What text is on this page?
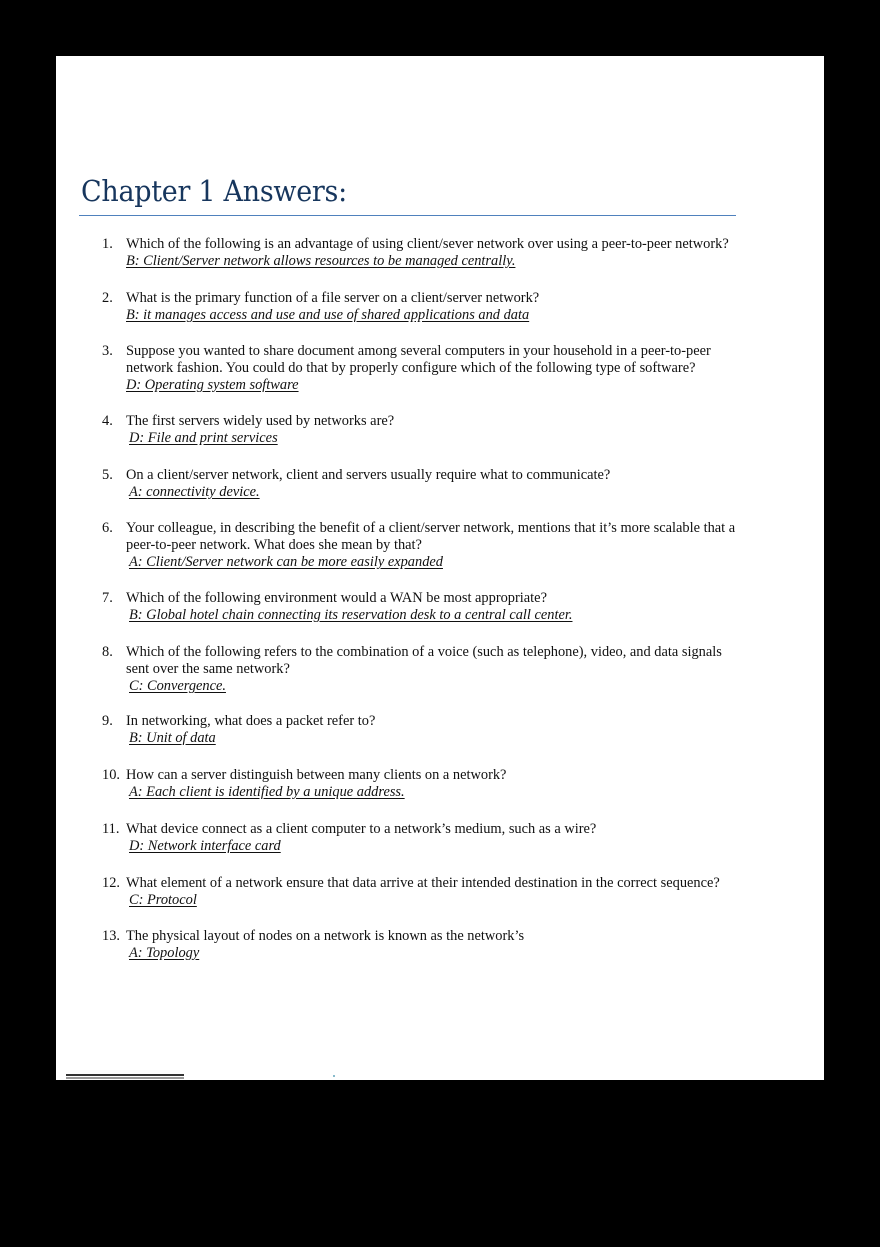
Chapter 1 Answers:
1. Which of the following is an advantage of using client/sever network over using a peer-to-peer network?
B: Client/Server network allows resources to be managed centrally.
2. What is the primary function of a file server on a client/server network?
B: it manages access and use and use of shared applications and data
3. Suppose you wanted to share document among several computers in your household in a peer-to-peer network fashion. You could do that by properly configure which of the following type of software?
D: Operating system software
4. The first servers widely used by networks are?
D: File and print services
5. On a client/server network, client and servers usually require what to communicate?
A: connectivity device.
6. Your colleague, in describing the benefit of a client/server network, mentions that it’s more scalable that a peer-to-peer network. What does she mean by that?
A: Client/Server network can be more easily expanded
7. Which of the following environment would a WAN be most appropriate?
B: Global hotel chain connecting its reservation desk to a central call center.
8. Which of the following refers to the combination of a voice (such as telephone), video, and data signals sent over the same network?
C: Convergence.
9. In networking, what does a packet refer to?
B: Unit of data
10. How can a server distinguish between many clients on a network?
A: Each client is identified by a unique address.
11. What device connect as a client computer to a network’s medium, such as a wire?
D: Network interface card
12. What element of a network ensure that data arrive at their intended destination in the correct sequence?
C: Protocol
13. The physical layout of nodes on a network is known as the network’s
A: Topology
